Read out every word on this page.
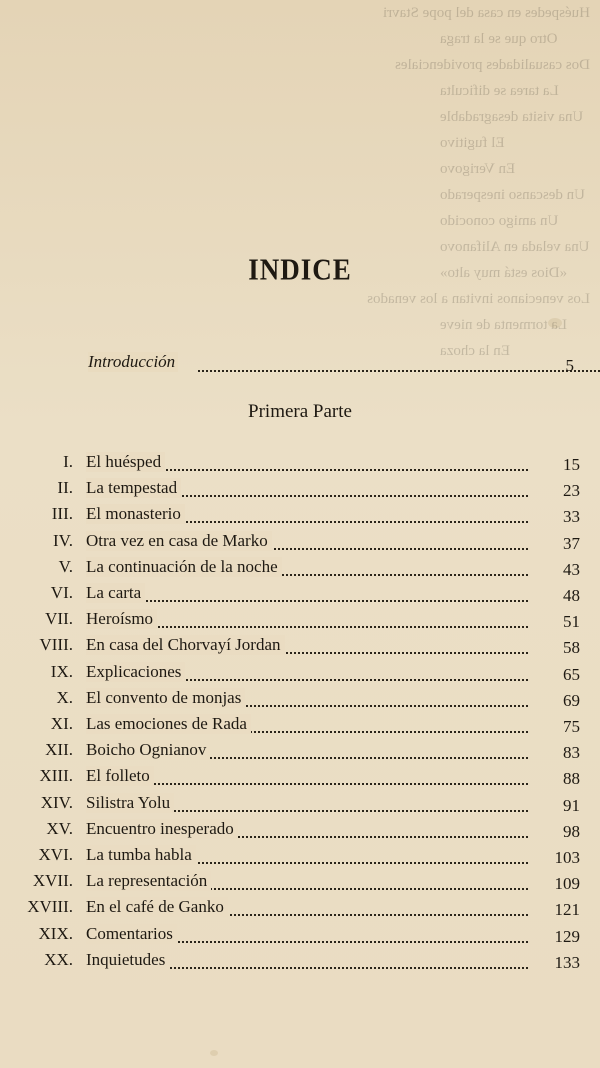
Huéspedes en casa del pope Stavri
Otro que se la traga
Dos casualidades providenciales
La tarea se dificulta
Una visita desagradable
El fugitivo
En Verigovo
Un descanso inesperado
Un amigo conocido
Una velada en Alifanovo
«Dios está muy alto»
Los venecianos invitan a los venados
La tormenta de nieve
En la choza
INDICE
Introducción	5
Primera Parte
I. El huésped	15
II. La tempestad	23
III. El monasterio	33
IV. Otra vez en casa de Marko	37
V. La continuación de la noche	43
VI. La carta	48
VII. Heroísmo	51
VIII. En casa del Chorvayí Jordan	58
IX. Explicaciones	65
X. El convento de monjas	69
XI. Las emociones de Rada	75
XII. Boicho Ognianov	83
XIII. El folleto	88
XIV. Silistra Yolu	91
XV. Encuentro inesperado	98
XVI. La tumba habla	103
XVII. La representación	109
XVIII. En el café de Ganko	121
XIX. Comentarios	129
XX. Inquietudes	133
